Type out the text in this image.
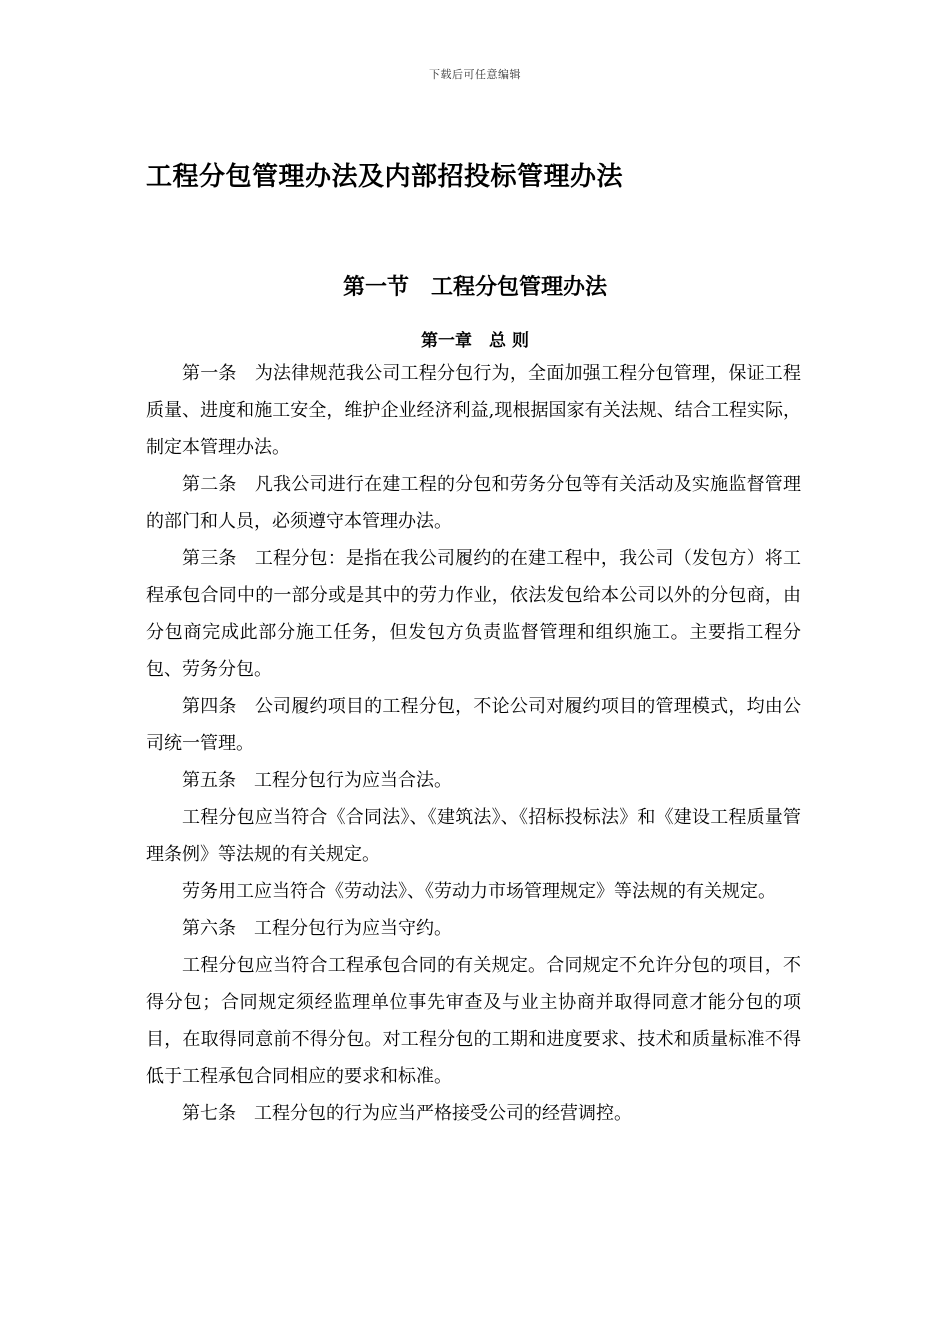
下载后可任意编辑
工程分包管理办法及内部招投标管理办法
第一节　工程分包管理办法
第一章　总 则

第一条　为法律规范我公司工程分包行为，全面加强工程分包管理，保证工程质量、进度和施工安全，维护企业经济利益,现根据国家有关法规、结合工程实际，制定本管理办法。

第二条　凡我公司进行在建工程的分包和劳务分包等有关活动及实施监督管理的部门和人员，必须遵守本管理办法。

第三条　工程分包：是指在我公司履约的在建工程中，我公司（发包方）将工程承包合同中的一部分或是其中的劳力作业，依法发包给本公司以外的分包商，由分包商完成此部分施工任务，但发包方负责监督管理和组织施工。主要指工程分包、劳务分包。

第四条　公司履约项目的工程分包，不论公司对履约项目的管理模式，均由公司统一管理。

第五条　工程分包行为应当合法。

工程分包应当符合《合同法》、《建筑法》、《招标投标法》和《建设工程质量管理条例》等法规的有关规定。

劳务用工应当符合《劳动法》、《劳动力市场管理规定》等法规的有关规定。

第六条　工程分包行为应当守约。

工程分包应当符合工程承包合同的有关规定。合同规定不允许分包的项目，不得分包；合同规定须经监理单位事先审查及与业主协商并取得同意才能分包的项目，在取得同意前不得分包。对工程分包的工期和进度要求、技术和质量标准不得低于工程承包合同相应的要求和标准。

第七条　工程分包的行为应当严格接受公司的经营调控。
